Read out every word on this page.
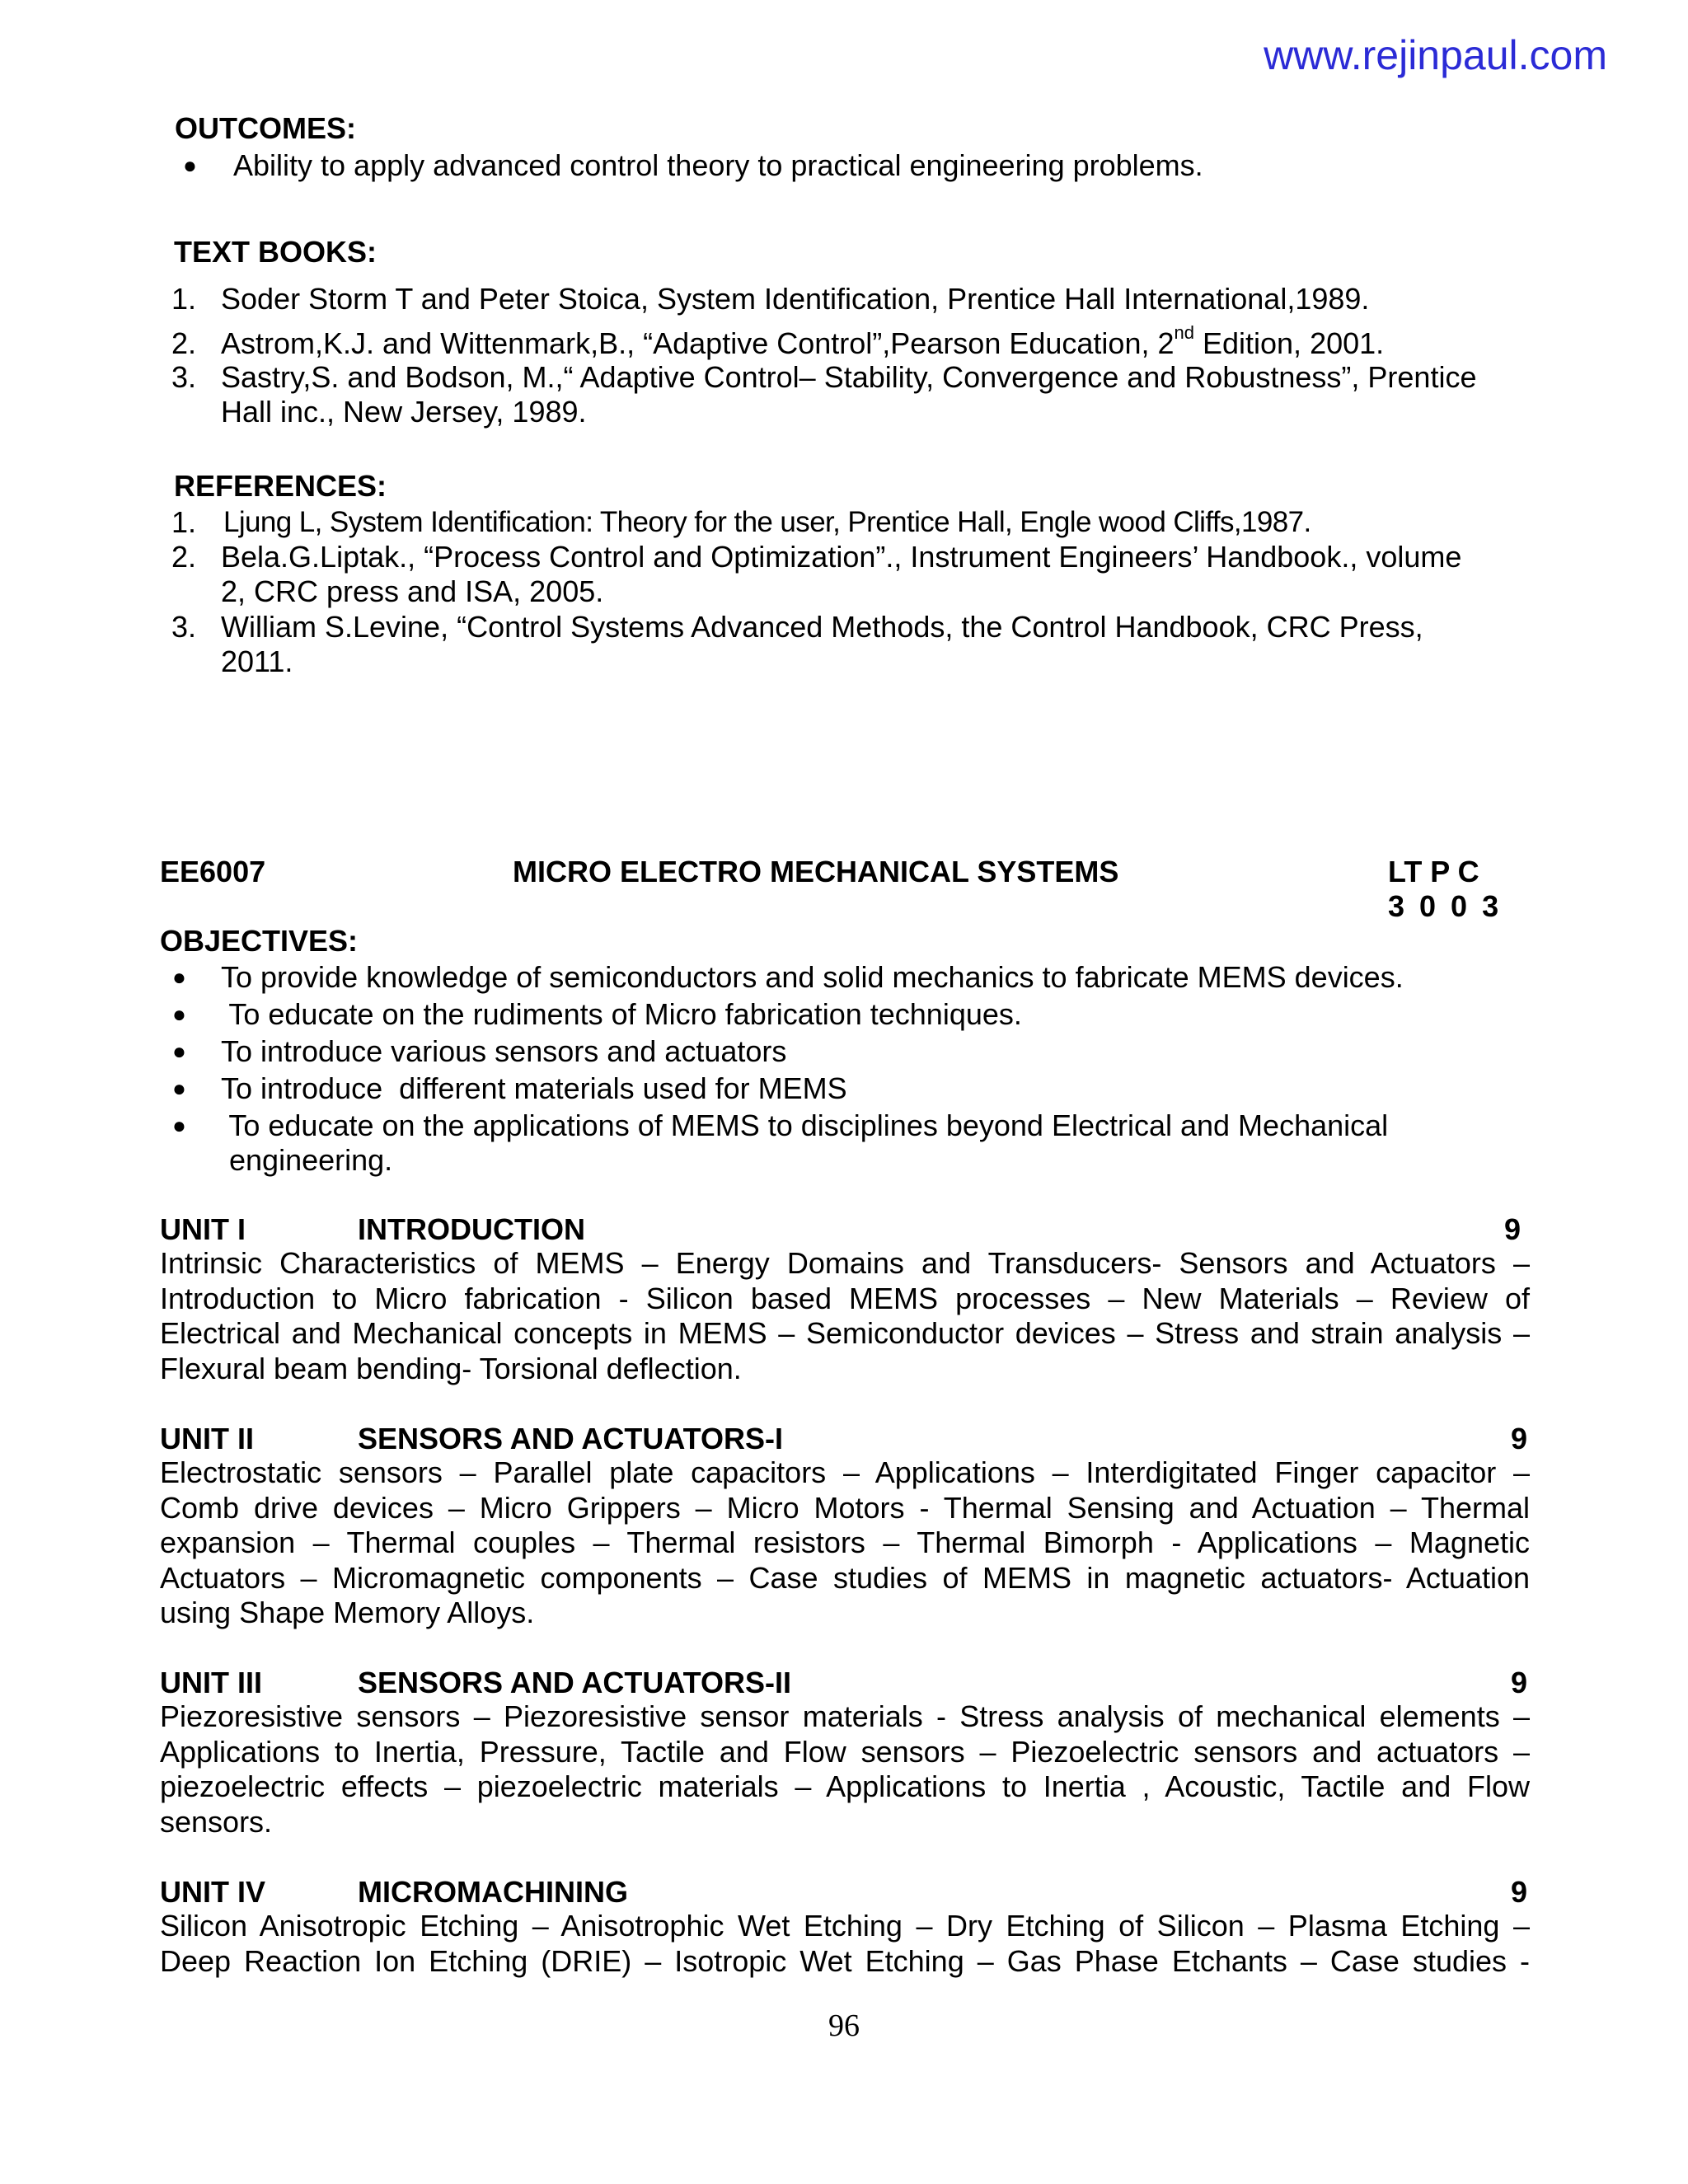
www.rejinpaul.com
OUTCOMES:
● Ability to apply advanced control theory to practical engineering problems.
TEXT BOOKS:
1. Soder Storm T and Peter Stoica, System Identification, Prentice Hall International,1989.
2. Astrom,K.J. and Wittenmark,B., “Adaptive Control”,Pearson Education, 2nd Edition, 2001.
3. Sastry,S. and Bodson, M.,“ Adaptive Control– Stability, Convergence and Robustness”, Prentice
Hall inc., New Jersey, 1989.
REFERENCES:
1. Ljung L, System Identification: Theory for the user, Prentice Hall, Engle wood Cliffs,1987.
2. Bela.G.Liptak., “Process Control and Optimization”., Instrument Engineers’ Handbook., volume
2, CRC press and ISA, 2005.
3. William S.Levine, “Control Systems Advanced Methods, the Control Handbook, CRC Press,
2011.
EE6007	MICRO ELECTRO MECHANICAL SYSTEMS	LT P C
3 0 0 3
OBJECTIVES:
● To provide knowledge of semiconductors and solid mechanics to fabricate MEMS devices.
● To educate on the rudiments of Micro fabrication techniques.
● To introduce various sensors and actuators
● To introduce  different materials used for MEMS
● To educate on the applications of MEMS to disciplines beyond Electrical and Mechanical
engineering.
UNIT I	INTRODUCTION	9
Intrinsic Characteristics of MEMS – Energy Domains and Transducers- Sensors and Actuators –
Introduction to Micro fabrication - Silicon based MEMS processes – New Materials – Review of
Electrical and Mechanical concepts in MEMS – Semiconductor devices – Stress and strain analysis –
Flexural beam bending- Torsional deflection.
UNIT II	SENSORS AND ACTUATORS-I	9
Electrostatic sensors – Parallel plate capacitors – Applications – Interdigitated Finger capacitor –
Comb drive devices – Micro Grippers – Micro Motors - Thermal Sensing and Actuation – Thermal
expansion – Thermal couples – Thermal resistors – Thermal Bimorph - Applications – Magnetic
Actuators – Micromagnetic components – Case studies of MEMS in magnetic actuators- Actuation
using Shape Memory Alloys.
UNIT III	SENSORS AND ACTUATORS-II	9
Piezoresistive sensors – Piezoresistive sensor materials - Stress analysis of mechanical elements –
Applications to Inertia, Pressure, Tactile and Flow sensors – Piezoelectric sensors and actuators –
piezoelectric effects – piezoelectric materials – Applications to Inertia , Acoustic, Tactile and Flow
sensors.
UNIT IV	MICROMACHINING	9
Silicon Anisotropic Etching – Anisotrophic Wet Etching – Dry Etching of Silicon – Plasma Etching –
Deep Reaction Ion Etching (DRIE) – Isotropic Wet Etching – Gas Phase Etchants – Case studies -
96
